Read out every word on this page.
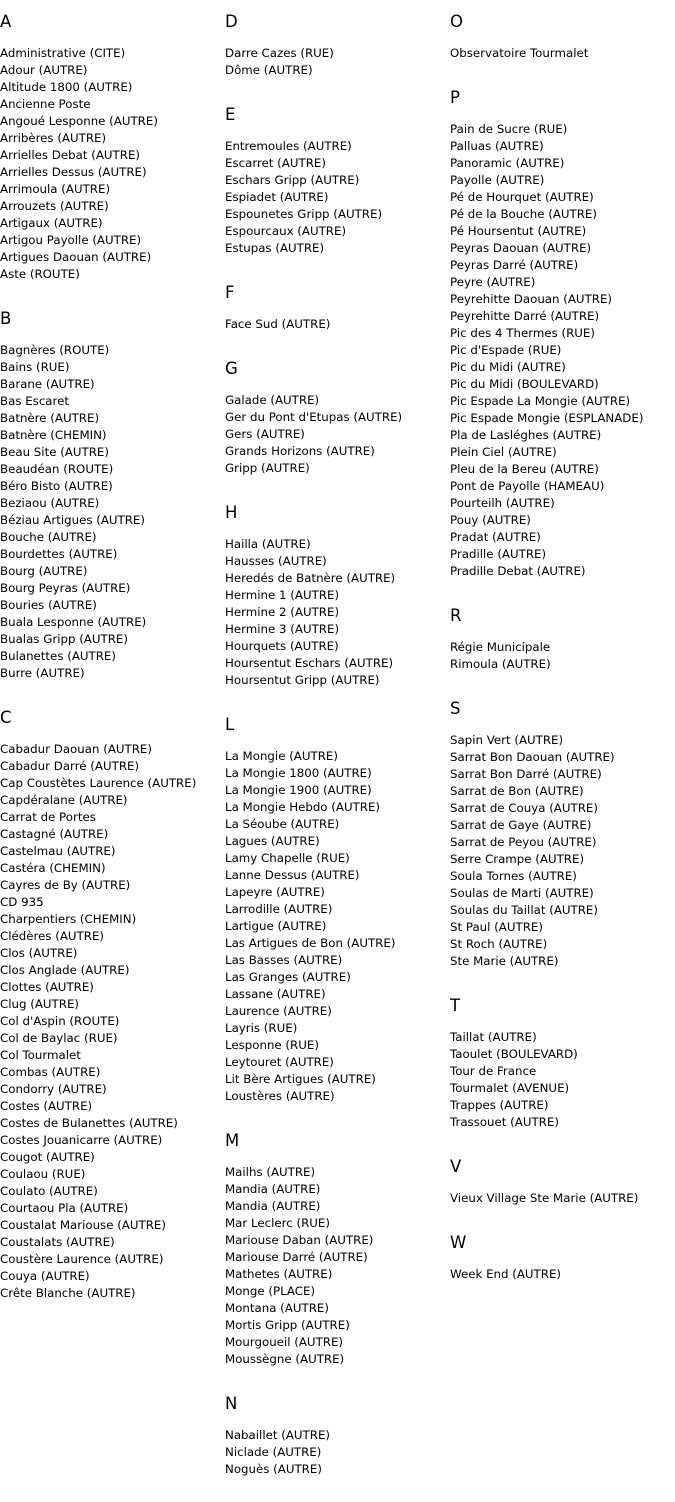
A
Administrative (CITE)
Adour (AUTRE)
Altitude 1800 (AUTRE)
Ancienne Poste
Angoué Lesponne (AUTRE)
Arribères (AUTRE)
Arrielles Debat (AUTRE)
Arrielles Dessus (AUTRE)
Arrimoula (AUTRE)
Arrouzets (AUTRE)
Artigaux (AUTRE)
Artigou Payolle (AUTRE)
Artigues Daouan (AUTRE)
Aste (ROUTE)
B
Bagnères (ROUTE)
Bains (RUE)
Barane (AUTRE)
Bas Escaret
Batnère (AUTRE)
Batnère (CHEMIN)
Beau Site (AUTRE)
Beaudéan (ROUTE)
Béro Bisto (AUTRE)
Beziaou (AUTRE)
Béziau Artigues (AUTRE)
Bouche (AUTRE)
Bourdettes (AUTRE)
Bourg (AUTRE)
Bourg Peyras (AUTRE)
Bouries (AUTRE)
Buala Lesponne (AUTRE)
Bualas Gripp (AUTRE)
Bulanettes (AUTRE)
Burre (AUTRE)
C
Cabadur Daouan (AUTRE)
Cabadur Darré (AUTRE)
Cap Coustètes Laurence (AUTRE)
Capdéralane (AUTRE)
Carrat de Portes
Castagné (AUTRE)
Castelmau (AUTRE)
Castéra (CHEMIN)
Cayres de By (AUTRE)
CD 935
Charpentiers (CHEMIN)
Clédères (AUTRE)
Clos (AUTRE)
Clos Anglade (AUTRE)
Clottes (AUTRE)
Clug (AUTRE)
Col d'Aspin (ROUTE)
Col de Baylac (RUE)
Col Tourmalet
Combas (AUTRE)
Condorry (AUTRE)
Costes (AUTRE)
Costes de Bulanettes (AUTRE)
Costes Jouanicarre (AUTRE)
Cougot (AUTRE)
Coulaou (RUE)
Coulato (AUTRE)
Courtaou Pla (AUTRE)
Coustalat Mariouse (AUTRE)
Coustalats (AUTRE)
Coustère Laurence (AUTRE)
Couya (AUTRE)
Crête Blanche (AUTRE)
D
Darre Cazes (RUE)
Dôme (AUTRE)
E
Entremoules (AUTRE)
Escarret (AUTRE)
Eschars Gripp (AUTRE)
Espiadet (AUTRE)
Espounetes Gripp (AUTRE)
Espourcaux (AUTRE)
Estupas (AUTRE)
F
Face Sud (AUTRE)
G
Galade (AUTRE)
Ger du Pont d'Etupas (AUTRE)
Gers (AUTRE)
Grands Horizons (AUTRE)
Gripp (AUTRE)
H
Hailla (AUTRE)
Hausses (AUTRE)
Heredés de Batnère (AUTRE)
Hermine 1 (AUTRE)
Hermine 2 (AUTRE)
Hermine 3 (AUTRE)
Hourquets (AUTRE)
Hoursentut Eschars (AUTRE)
Hoursentut Gripp (AUTRE)
L
La Mongie (AUTRE)
La Mongie 1800 (AUTRE)
La Mongie 1900 (AUTRE)
La Mongie Hebdo (AUTRE)
La Séoube (AUTRE)
Lagues (AUTRE)
Lamy Chapelle (RUE)
Lanne Dessus (AUTRE)
Lapeyre (AUTRE)
Larrodille (AUTRE)
Lartigue (AUTRE)
Las Artigues de Bon (AUTRE)
Las Basses (AUTRE)
Las Granges (AUTRE)
Lassane (AUTRE)
Laurence (AUTRE)
Layris (RUE)
Lesponne (RUE)
Leytouret (AUTRE)
Lit Bère Artigues (AUTRE)
Loustères (AUTRE)
M
Mailhs (AUTRE)
Mandia (AUTRE)
Mandia (AUTRE)
Mar Leclerc (RUE)
Mariouse Daban (AUTRE)
Mariouse Darré (AUTRE)
Mathetes (AUTRE)
Monge (PLACE)
Montana (AUTRE)
Mortis Gripp (AUTRE)
Mourgoueil (AUTRE)
Moussègne (AUTRE)
N
Nabaillet (AUTRE)
Niclade (AUTRE)
Noguès (AUTRE)
O
Observatoire Tourmalet
P
Pain de Sucre (RUE)
Palluas (AUTRE)
Panoramic (AUTRE)
Payolle (AUTRE)
Pé de Hourquet (AUTRE)
Pé de la Bouche (AUTRE)
Pé Hoursentut (AUTRE)
Peyras Daouan (AUTRE)
Peyras Darré (AUTRE)
Peyre (AUTRE)
Peyrehitte Daouan (AUTRE)
Peyrehitte Darré (AUTRE)
Pic des 4 Thermes (RUE)
Pic d'Espade (RUE)
Pic du Midi (AUTRE)
Pic du Midi (BOULEVARD)
Pic Espade La Mongie (AUTRE)
Pic Espade Mongie (ESPLANADE)
Pla de Lasléghes (AUTRE)
Plein Ciel (AUTRE)
Pleu de la Bereu (AUTRE)
Pont de Payolle (HAMEAU)
Pourteilh (AUTRE)
Pouy (AUTRE)
Pradat (AUTRE)
Pradille (AUTRE)
Pradille Debat (AUTRE)
R
Régie Municipale
Rimoula (AUTRE)
S
Sapin Vert (AUTRE)
Sarrat Bon Daouan (AUTRE)
Sarrat Bon Darré (AUTRE)
Sarrat de Bon (AUTRE)
Sarrat de Couya (AUTRE)
Sarrat de Gaye (AUTRE)
Sarrat de Peyou (AUTRE)
Serre Crampe (AUTRE)
Soula Tornes (AUTRE)
Soulas de Marti (AUTRE)
Soulas du Taillat (AUTRE)
St Paul (AUTRE)
St Roch (AUTRE)
Ste Marie (AUTRE)
T
Taillat (AUTRE)
Taoulet (BOULEVARD)
Tour de France
Tourmalet (AVENUE)
Trappes (AUTRE)
Trassouet (AUTRE)
V
Vieux Village Ste Marie (AUTRE)
W
Week End (AUTRE)
